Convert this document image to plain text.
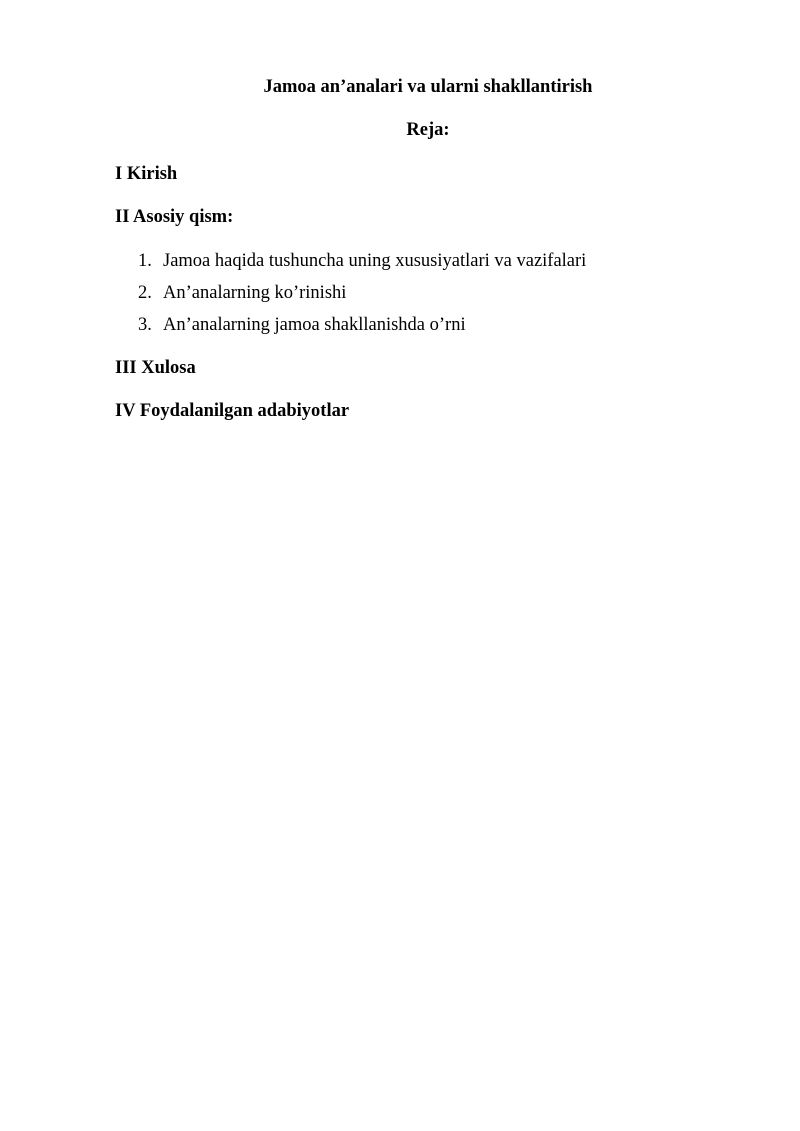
Jamoa an’analari va ularni shakllantirish
Reja:
I Kirish
II Asosiy qism:
1. Jamoa haqida tushuncha uning xususiyatlari va vazifalari
2. An’analarning ko’rinishi
3. An’analarning jamoa shakllanishda o’rni
III Xulosa
IV Foydalanilgan adabiyotlar
